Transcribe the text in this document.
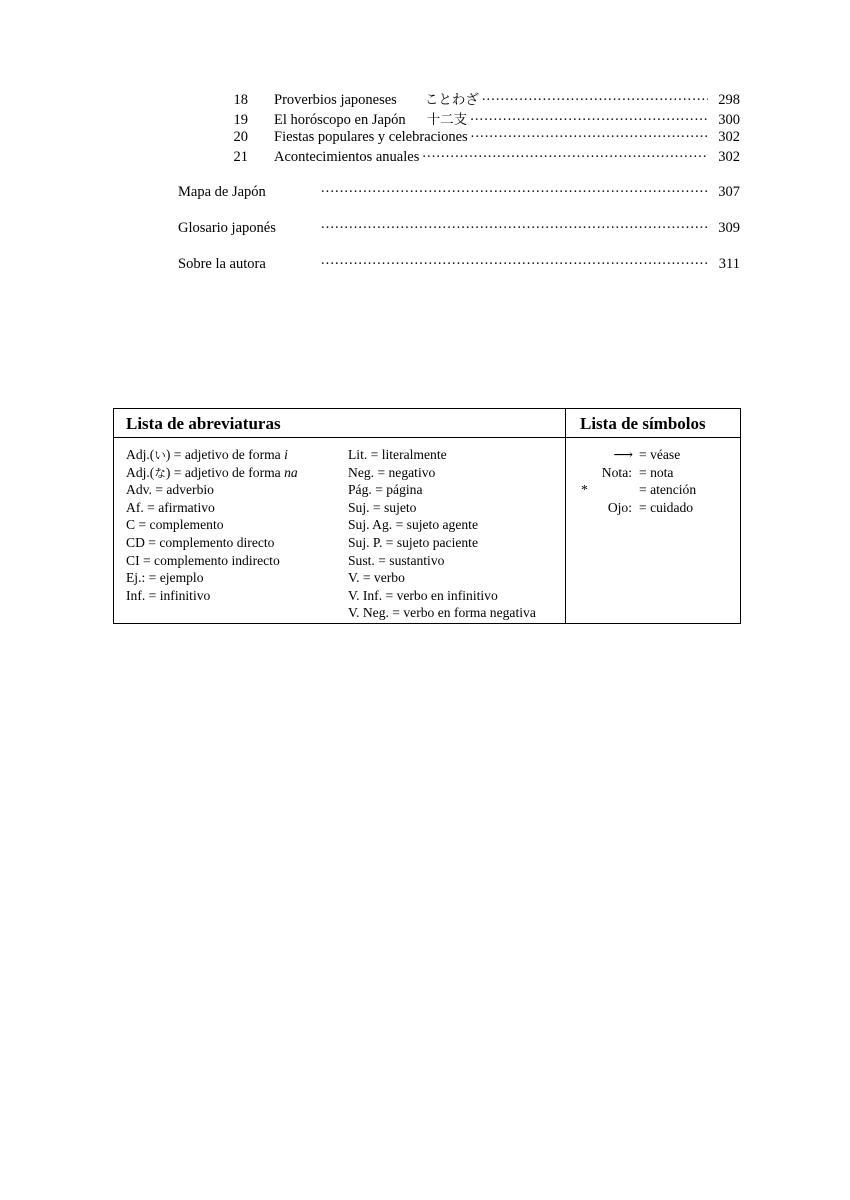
18 Proverbios japoneses ことわざ .....	298
19 El horóscopo en Japón 十二支 .....	300
20 Fiestas populares y celebraciones .....	302
21 Acontecimientos anuales .....	302
Mapa de Japón .....	307
Glosario japonés .....	309
Sobre la autora .....	311
Lista de abreviaturas
Adj.(い) = adjetivo de forma i
Adj.(な) = adjetivo de forma na
Adv. = adverbio
Af. = afirmativo
C = complemento
CD = complemento directo
CI = complemento indirecto
Ej.: = ejemplo
Inf. = infinitivo
Lit. = literalmente
Neg. = negativo
Pág. = página
Suj. = sujeto
Suj. Ag. = sujeto agente
Suj. P. = sujeto paciente
Sust. = sustantivo
V. = verbo
V. Inf. = verbo en infinitivo
V. Neg. = verbo en forma negativa
Lista de símbolos
⟶ = véase
Nota: = nota
*	= atención
Ojo: = cuidado
